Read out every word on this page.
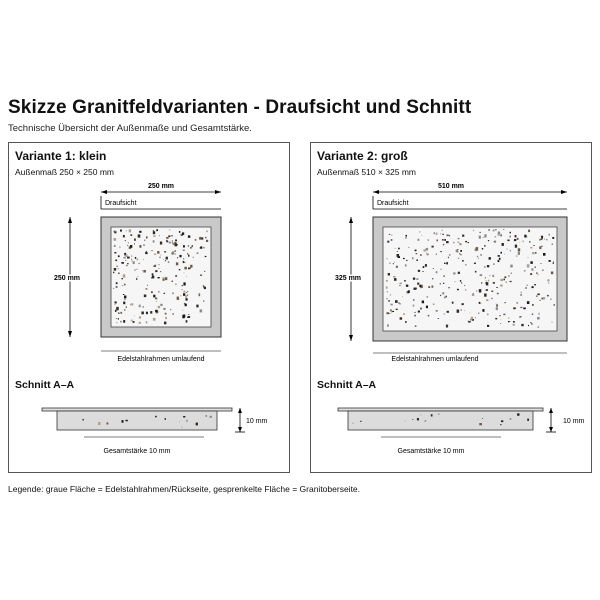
Skizze Granitfeldvarianten - Draufsicht und Schnitt
Technische Übersicht der Außenmaße und Gesamtstärke.
Variante 1: klein
Außenmaß 250 × 250 mm
250 mm
Draufsicht
250 mm
Edelstahlrahmen umlaufend
10 mm
Gesamtstärke 10 mm
Schnitt A–A
Variante 2: groß
Außenmaß 510 × 325 mm
510 mm
Draufsicht
325 mm
Edelstahlrahmen umlaufend
10 mm
Gesamtstärke 10 mm
Schnitt A–A
Legende: graue Fläche = Edelstahlrahmen/Rückseite, gesprenkelte Fläche = Granitoberseite.
